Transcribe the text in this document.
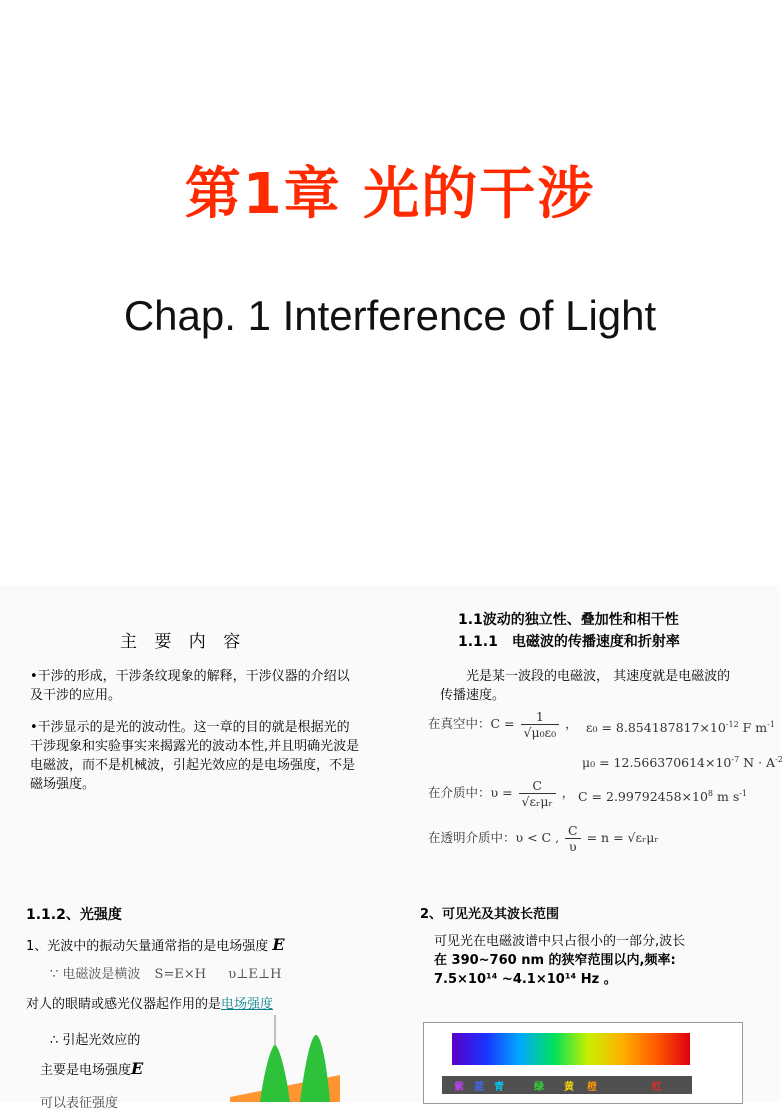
第1章 光的干涉
Chap. 1 Interference of Light
主 要 内 容
•干涉的形成，干涉条纹现象的解释，干涉仪器的介绍以及干涉的应用。
•干涉显示的是光的波动性。这一章的目的就是根据光的干涉现象和实验事实来揭露光的波动本性,并且明确光波是电磁波，而不是机械波，引起光效应的是电场强度，不是磁场强度。
1.1波动的独立性、叠加性和相干性
1.1.1　电磁波的传播速度和折射率
光是某一波段的电磁波， 其速度就是电磁波的传播速度。
在真空中：$C = \frac{1}{\text{√μ₀ε₀}}$ ， $\varepsilon_0 = 8.854187817\times 10^{-12}$ F $m^{-1}$
$\mu_0 = 12.566370614\times 10^{-7}$ $N \cdot A^{-2}$
在介质中：$\upsilon = \frac{C}{\text{√εᵣμᵣ}}$ ， $C = 2.99792458\times 10^8$ m $s^{-1}$
在透明介质中：υ < C , $\frac{C}{\upsilon} = n$ = √εᵣμᵣ
1.1.2、光强度
1、光波中的振动矢量通常指的是电场强度 E
∵ 电磁波是横波 S=E×H υ⊥E⊥H
对人的眼睛或感光仪器起作用的是电场强度
∴ 引起光效应的
主要是电场强度E
可以表征强度
2、可见光及其波长范围
可见光在电磁波谱中只占很小的一部分,波长
在 390~760 nm 的狭窄范围以内,频率:
7.5×10¹⁴ ~4.1×10¹⁴ Hz 。
紫 蓝 青	绿 黄 橙	红
